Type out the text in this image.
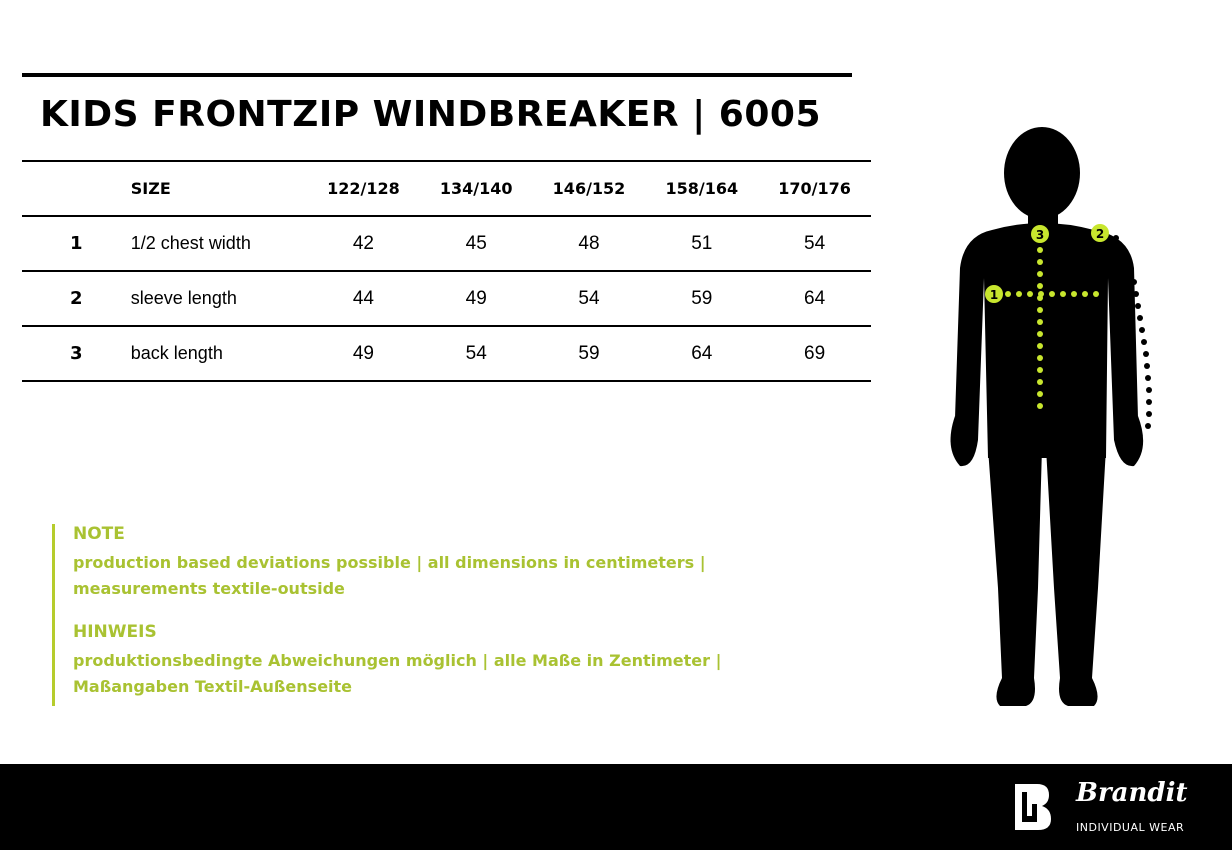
KIDS FRONTZIP WINDBREAKER | 6005
	SIZE	122/128	134/140	146/152	158/164	170/176
1	1/2 chest width	42	45	48	51	54
2	sleeve length	44	49	54	59	64
3	back length	49	54	59	64	69
NOTE
production based deviations possible | all dimensions in centimeters |
measurements textile-outside
HINWEIS
produktionsbedingte Abweichungen möglich | alle Maße in Zentimeter |
Maßangaben Textil-Außenseite
1
2
3
Brandit
INDIVIDUAL WEAR
